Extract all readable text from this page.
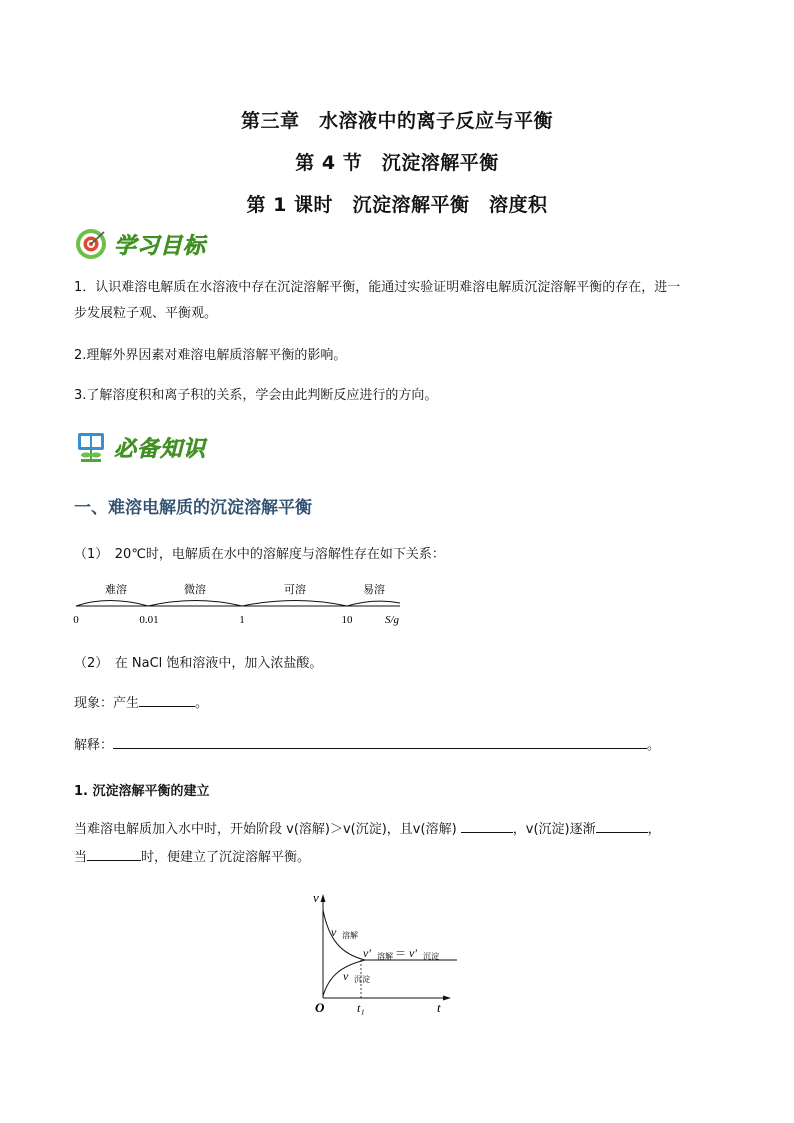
第三章　水溶液中的离子反应与平衡
第 4 节　沉淀溶解平衡
第 1 课时　沉淀溶解平衡　溶度积
学习目标
1．认识难溶电解质在水溶液中存在沉淀溶解平衡，能通过实验证明难溶电解质沉淀溶解平衡的存在，进一
步发展粒子观、平衡观。
2.理解外界因素对难溶电解质溶解平衡的影响。
3.了解溶度积和离子积的关系，学会由此判断反应进行的方向。
必备知识
一、难溶电解质的沉淀溶解平衡
（1）　20℃时，电解质在水中的溶解度与溶解性存在如下关系：
难溶	微溶	可溶	易溶
0	0.01	1	10	S/g
（2）　在 NaCl 饱和溶液中，加入浓盐酸。
现象：产生	。
解释：	。
1. 沉淀溶解平衡的建立
当难溶电解质加入水中时，开始阶段 v(溶解)＞v(沉淀)，且v(溶解)	，v(沉淀)逐渐	，
当	时，便建立了沉淀溶解平衡。
v
t
O	t₁
v 溶解
v 沉淀
v′ 溶解 ＝ v′ 沉淀
